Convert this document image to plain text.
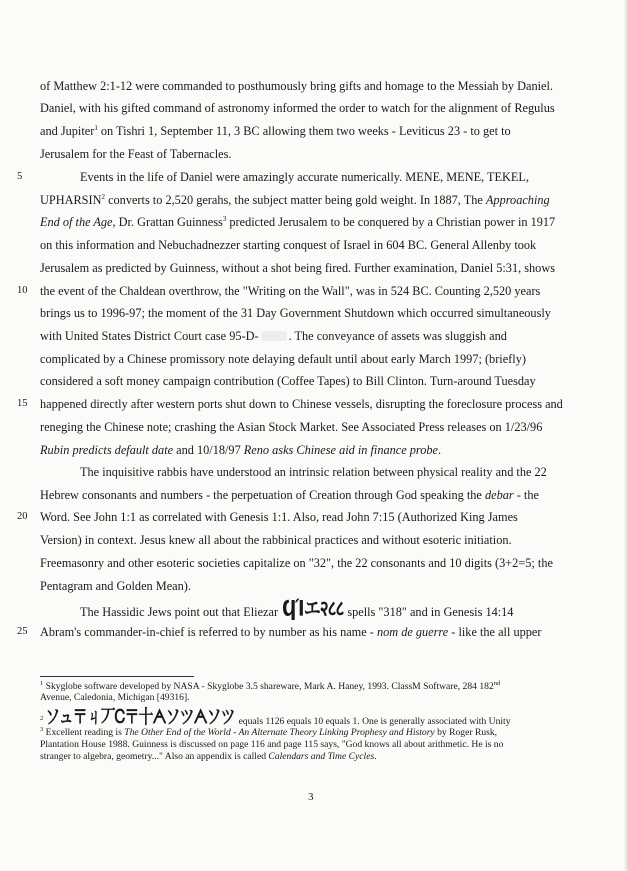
of Matthew 2:1-12 were commanded to posthumously bring gifts and homage to the Messiah by Daniel.
Daniel, with his gifted command of astronomy informed the order to watch for the alignment of Regulus
and Jupiter$^1$ on Tishri 1, September 11, 3 BC allowing them two weeks - Leviticus 23 - to get to
Jerusalem for the Feast of Tabernacles.
Events in the life of Daniel were amazingly accurate numerically. MENE, MENE, TEKEL,
5
UPHARSIN$^2$ converts to 2,520 gerahs, the subject matter being gold weight. In 1887, The Approaching
End of the Age, Dr. Grattan Guinness$^3$ predicted Jerusalem to be conquered by a Christian power in 1917
on this information and Nebuchadnezzer starting conquest of Israel in 604 BC. General Allenby took
Jerusalem as predicted by Guinness, without a shot being fired. Further examination, Daniel 5:31, shows
the event of the Chaldean overthrow, the "Writing on the Wall", was in 524 BC. Counting 2,520 years
10
brings us to 1996-97; the moment of the 31 Day Government Shutdown which occurred simultaneously
with United States District Court case 95-D- . The conveyance of assets was sluggish and
complicated by a Chinese promissory note delaying default until about early March 1997; (briefly)
considered a soft money campaign contribution (Coffee Tapes) to Bill Clinton. Turn-around Tuesday
happened directly after western ports shut down to Chinese vessels, disrupting the foreclosure process and
15
reneging the Chinese note; crashing the Asian Stock Market. See Associated Press releases on 1/23/96
Rubin predicts default date and 10/18/97 Reno asks Chinese aid in finance probe.
The inquisitive rabbis have understood an intrinsic relation between physical reality and the 22
Hebrew consonants and numbers - the perpetuation of Creation through God speaking the debar - the
Word. See John 1:1 as correlated with Genesis 1:1. Also, read John 7:15 (Authorized King James
20
Version) in context. Jesus knew all about the rabbinical practices and without esoteric initiation.
Freemasonry and other esoteric societies capitalize on "32", the 22 consonants and 10 digits (3+2=5; the
Pentagram and Golden Mean).
The Hassidic Jews point out that Eliezar ϤΊエ२८८ spells "318" and in Genesis 14:14
Abram's commander-in-chief is referred to by number as his name - nom de guerre - like the all upper
25
$^1$ Skyglobe software developed by NASA - Skyglobe 3.5 shareware, Mark A. Haney, 1993. ClassM Software, 284 182nd
Avenue, Caledonia, Michigan [49316].
$^2$ ソュ〒ㄐ丆Ꮯ〒十ᗅソツᗅソツ equals 1126 equals 10 equals 1. One is generally associated with Unity
$^3$ Excellent reading is The Other End of the World - An Alternate Theory Linking Prophesy and History by Roger Rusk,
Plantation House 1988. Guinness is discussed on page 116 and page 115 says, "God knows all about arithmetic. He is no
stranger to algebra, geometry..." Also an appendix is called Calendars and Time Cycles.
3
